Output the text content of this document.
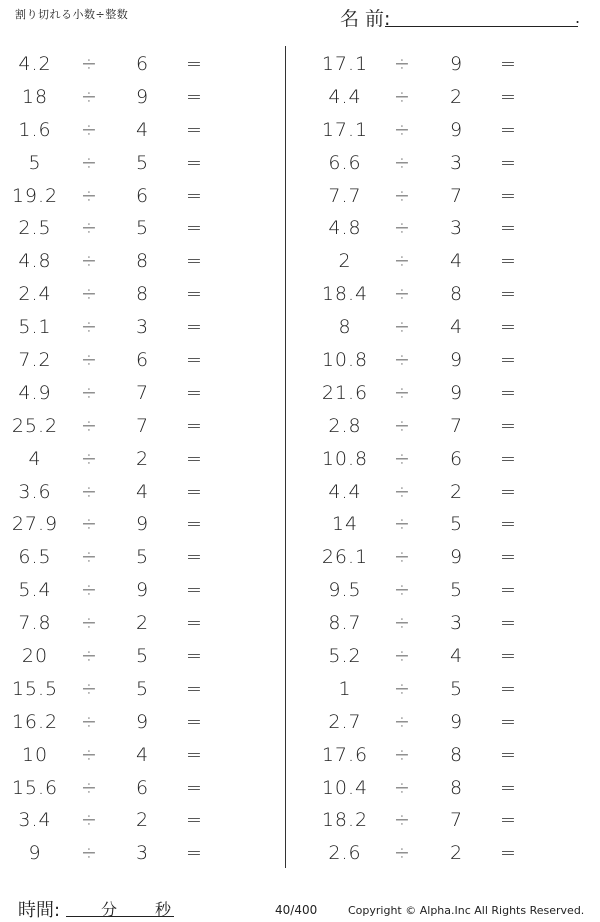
割り切れる小数÷整数	名 前:	.
4.2	÷ 6 =
18	÷ 9 =
1.6	÷ 4 =
5	÷ 5 =
19.2	÷ 6 =
2.5	÷ 5 =
4.8	÷ 8 =
2.4	÷ 8 =
5.1	÷ 3 =
7.2	÷ 6 =
4.9	÷ 7 =
25.2	÷ 7 =
4	÷ 2 =
3.6	÷ 4 =
27.9	÷ 9 =
6.5	÷ 5 =
5.4	÷ 9 =
7.8	÷ 2 =
20	÷ 5 =
15.5	÷ 5 =
16.2	÷ 9 =
10	÷ 4 =
15.6	÷ 6 =
3.4	÷ 2 =
9	÷ 3 =
17.1	÷ 9 =
4.4	÷ 2 =
17.1	÷ 9 =
6.6	÷ 3 =
7.7	÷ 7 =
4.8	÷ 3 =
2	÷ 4 =
18.4	÷ 8 =
8	÷ 4 =
10.8	÷ 9 =
21.6	÷ 9 =
2.8	÷ 7 =
10.8	÷ 6 =
4.4	÷ 2 =
14	÷ 5 =
26.1	÷ 9 =
9.5	÷ 5 =
8.7	÷ 3 =
5.2	÷ 4 =
1	÷ 5 =
2.7	÷ 9 =
17.6	÷ 8 =
10.4	÷ 8 =
18.2	÷ 7 =
2.6	÷ 2 =
時間:	分 秒	40/400	Copyright © Alpha.Inc All Rights Reserved.
